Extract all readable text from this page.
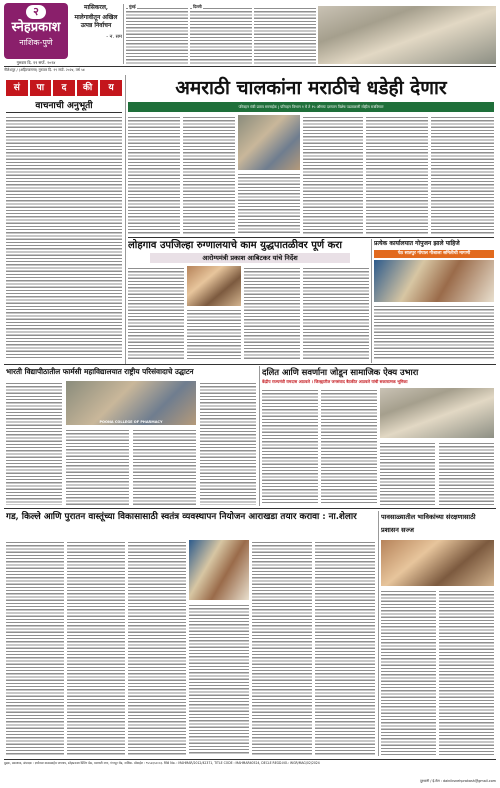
२
स्नेहप्रकाश
नाशिक-पुणे
गुरुवार दि. १९ सप्टें. २०२४
मासिकरल,
मालेगावीतून अखिल उत्पन्न निर्वाचन
- न. सम
मुंबई	दिल्ली
नीलेशपूर / (अहिल्यानगर) गुरुवार दि. १९ सप्टें. २०२४, वर्ष ५४
सं	पा	द	की	य	अमराठी चालकांना मराठीचे धडेही देणार
परिवहन मंत्री प्रताप सरनाईक | परिवहन विभाग १ मे ते १५ ऑगस्ट दरम्यान विशेष पडताळणी मोहीम राबविणार
वाचनाची अनुभूती
लोहगाव उपजिल्हा रुग्णालयाचे काम युद्धपातळीवर पूर्ण करा
आरोग्यमंत्री प्रकाश आबिटकर यांचे निर्देश
प्रत्येक कार्यालयात गोपुजन झाले पाहिजे
पेठ सातपुर गोपाल गौशाला समितीची मागणी
भारती विद्यापीठातील फार्मसी महाविद्यालयात राष्ट्रीय परिसंवादाचे उद्घाटन
POONA COLLEGE OF PHARMACY
दलित आणि सवर्णाना जोडून सामाजिक ऐक्य उभारा
केंद्रीय राज्यमंत्री रामदास आठवले । जिल्ह्यातील जनसंवाद बैठकीत आठवले यांची सकारात्मक भूमिका
गड, किल्ले आणि पुरातन वास्तूंच्या विकासासाठी स्वतंत्र व्यवस्थापन नियोजन आराखडा तयार करावा : ना.शेलार	पावसाळ्यातील भाविकांच्या संरक्षणासाठी प्रशासन सज्ज
मुद्रक, प्रकाशक, संपादक : ज्ञानेश्वर बाळासाहेब जगताप, स्नेहप्रकाश प्रिंटिंग प्रेस, बालाजी नगर, गंगापूर रोड, नाशिक. मोबाईल : ९५५२३५२००३. RNI No. : MAHMAR/2012/42371, TITLE CODE : MAHMAR40524, DECLE REGD.NO.: WGR/MAG/02/2024
दूरध्वनी / ई-मेल : dainiksnehprakash@gmail.com
